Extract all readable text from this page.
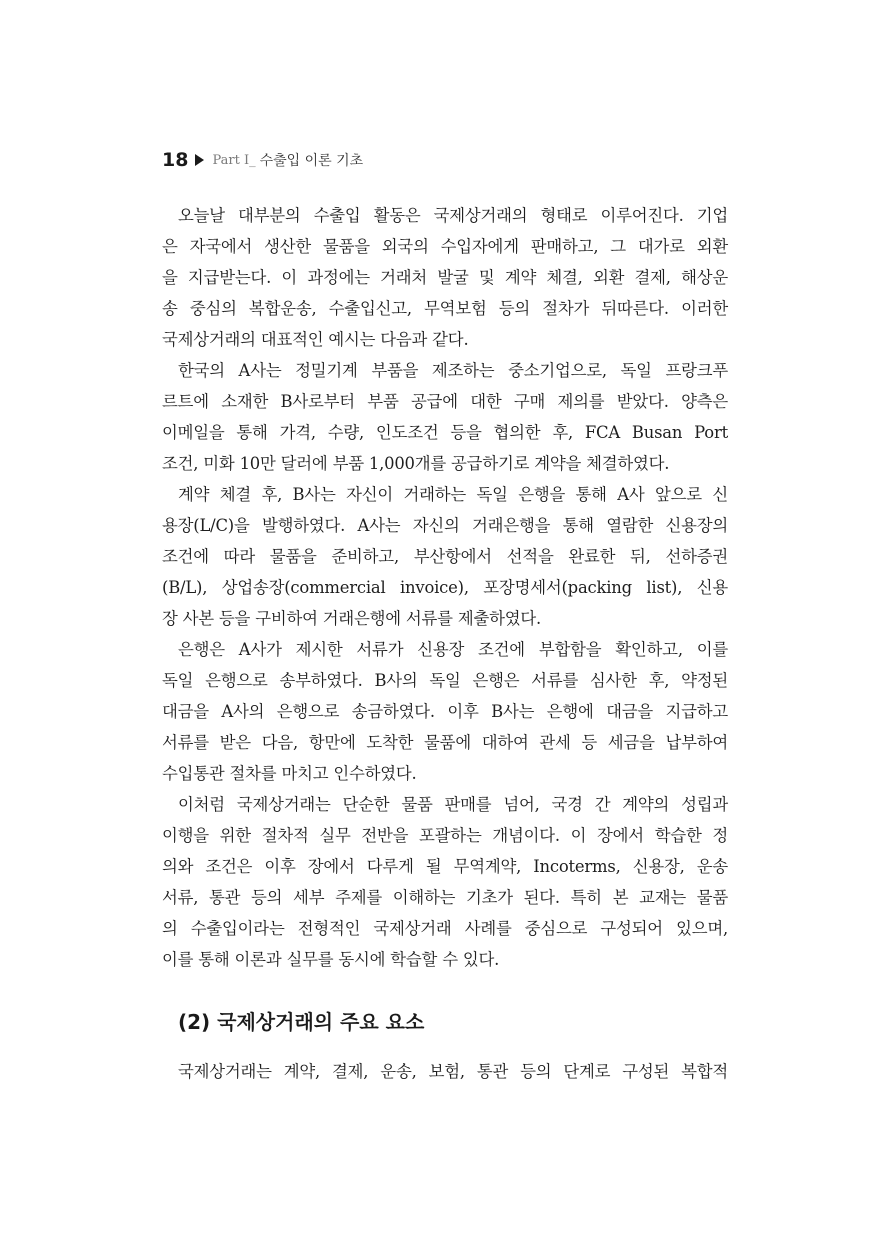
18 Part Ⅰ_ 수출입 이론 기초
오늘날 대부분의 수출입 활동은 국제상거래의 형태로 이루어진다. 기업
은 자국에서 생산한 물품을 외국의 수입자에게 판매하고, 그 대가로 외환
을 지급받는다. 이 과정에는 거래처 발굴 및 계약 체결, 외환 결제, 해상운
송 중심의 복합운송, 수출입신고, 무역보험 등의 절차가 뒤따른다. 이러한
국제상거래의 대표적인 예시는 다음과 같다.
한국의 A사는 정밀기계 부품을 제조하는 중소기업으로, 독일 프랑크푸
르트에 소재한 B사로부터 부품 공급에 대한 구매 제의를 받았다. 양측은
이메일을 통해 가격, 수량, 인도조건 등을 협의한 후, FCA Busan Port
조건, 미화 10만 달러에 부품 1,000개를 공급하기로 계약을 체결하였다.
계약 체결 후, B사는 자신이 거래하는 독일 은행을 통해 A사 앞으로 신
용장(L/C)을 발행하였다. A사는 자신의 거래은행을 통해 열람한 신용장의
조건에 따라 물품을 준비하고, 부산항에서 선적을 완료한 뒤, 선하증권
(B/L), 상업송장(commercial invoice), 포장명세서(packing list), 신용
장 사본 등을 구비하여 거래은행에 서류를 제출하였다.
은행은 A사가 제시한 서류가 신용장 조건에 부합함을 확인하고, 이를
독일 은행으로 송부하였다. B사의 독일 은행은 서류를 심사한 후, 약정된
대금을 A사의 은행으로 송금하였다. 이후 B사는 은행에 대금을 지급하고
서류를 받은 다음, 항만에 도착한 물품에 대하여 관세 등 세금을 납부하여
수입통관 절차를 마치고 인수하였다.
이처럼 국제상거래는 단순한 물품 판매를 넘어, 국경 간 계약의 성립과
이행을 위한 절차적 실무 전반을 포괄하는 개념이다. 이 장에서 학습한 정
의와 조건은 이후 장에서 다루게 될 무역계약, Incoterms, 신용장, 운송
서류, 통관 등의 세부 주제를 이해하는 기초가 된다. 특히 본 교재는 물품
의 수출입이라는 전형적인 국제상거래 사례를 중심으로 구성되어 있으며,
이를 통해 이론과 실무를 동시에 학습할 수 있다.
(2) 국제상거래의 주요 요소
국제상거래는 계약, 결제, 운송, 보험, 통관 등의 단계로 구성된 복합적
